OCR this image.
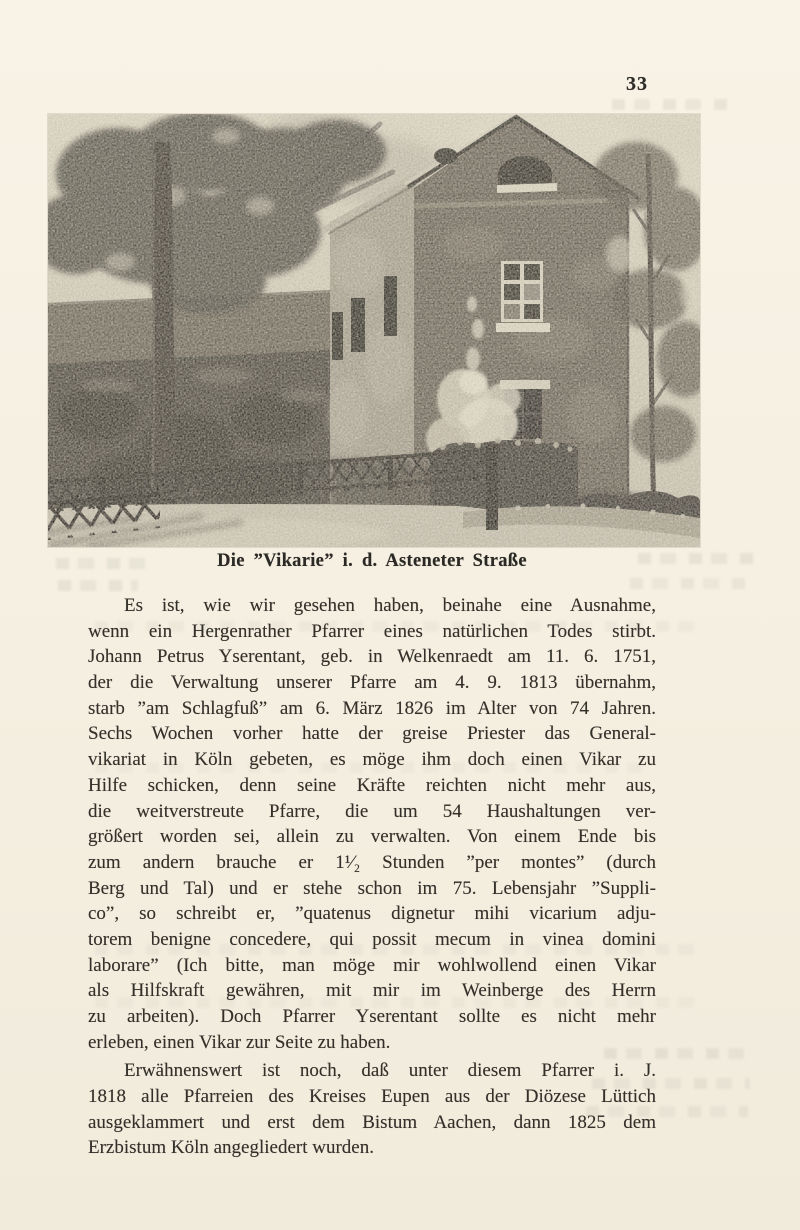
33
Die ”Vikarie” i. d. Asteneter Straße
Es ist, wie wir gesehen haben, beinahe eine Ausnahme,
wenn ein Hergenrather Pfarrer eines natürlichen Todes stirbt.
Johann Petrus Yserentant, geb. in Welkenraedt am 11. 6. 1751,
der die Verwaltung unserer Pfarre am 4. 9. 1813 übernahm,
starb ”am Schlagfuß” am 6. März 1826 im Alter von 74 Jahren.
Sechs Wochen vorher hatte der greise Priester das General-
vikariat in Köln gebeten, es möge ihm doch einen Vikar zu
Hilfe schicken, denn seine Kräfte reichten nicht mehr aus,
die weitverstreute Pfarre, die um 54 Haushaltungen ver-
größert worden sei, allein zu verwalten. Von einem Ende bis
zum andern brauche er 1¹⁄₂ Stunden ”per montes” (durch
Berg und Tal) und er stehe schon im 75. Lebensjahr ”Suppli-
co”, so schreibt er, ”quatenus dignetur mihi vicarium adju-
torem benigne concedere, qui possit mecum in vinea domini
laborare” (Ich bitte, man möge mir wohlwollend einen Vikar
als Hilfskraft gewähren, mit mir im Weinberge des Herrn
zu arbeiten). Doch Pfarrer Yserentant sollte es nicht mehr
erleben, einen Vikar zur Seite zu haben.
Erwähnenswert ist noch, daß unter diesem Pfarrer i. J.
1818 alle Pfarreien des Kreises Eupen aus der Diözese Lüttich
ausgeklammert und erst dem Bistum Aachen, dann 1825 dem
Erzbistum Köln angegliedert wurden.
